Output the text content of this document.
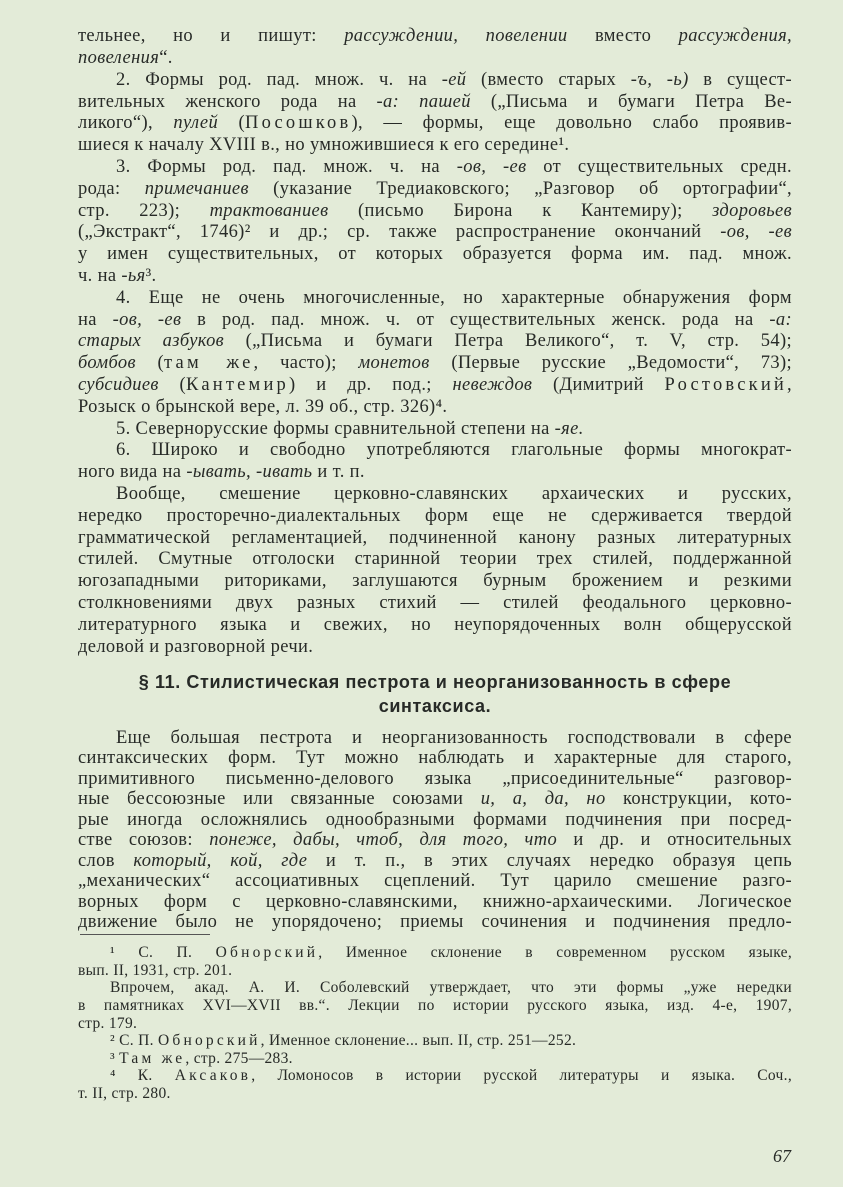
тельнее, но и пишут: рассуждении, повелении вместо рассуждения,
повеления“.
2. Формы род. пад. множ. ч. на -ей (вместо старых -ъ, -ь) в сущест-
вительных женского рода на -а: пашей („Письма и бумаги Петра Ве-
ликого“), пулей (Посошков), — формы, еще довольно слабо проявив-
шиеся к началу XVIII в., но умножившиеся к его середине¹.
3. Формы род. пад. множ. ч. на -ов, -ев от существительных средн.
рода: примечаниев (указание Тредиаковского; „Разговор об ортографии“,
стр. 223); трактованиев (письмо Бирона к Кантемиру); здоровьев
(„Экстракт“, 1746)² и др.; ср. также распространение окончаний -ов, -ев
у имен существительных, от которых образуется форма им. пад. множ.
ч. на -ья³.
4. Еще не очень многочисленные, но характерные обнаружения форм
на -ов, -ев в род. пад. множ. ч. от существительных женск. рода на -а:
старых азбуков („Письма и бумаги Петра Великого“, т. V, стр. 54);
бомбов (там же, часто); монетов (Первые русские „Ведомости“, 73);
субсидиев (Кантемир) и др. под.; невеждов (Димитрий Ростовский,
Розыск о брынской вере, л. 39 об., стр. 326)⁴.
5. Севернорусские формы сравнительной степени на -яе.
6. Широко и свободно употребляются глагольные формы многократ-
ного вида на -ывать, -ивать и т. п.
Вообще, смешение церковно-славянских архаических и русских,
нередко просторечно-диалектальных форм еще не сдерживается твердой
грамматической регламентацией, подчиненной канону разных литературных
стилей. Смутные отголоски старинной теории трех стилей, поддержанной
югозападными риториками, заглушаются бурным брожением и резкими
столкновениями двух разных стихий — стилей феодального церковно-
литературного языка и свежих, но неупорядоченных волн общерусской
деловой и разговорной речи.
§ 11. Стилистическая пестрота и неорганизованность в сфере
синтаксиса.
Еще большая пестрота и неорганизованность господствовали в сфере
синтаксических форм. Тут можно наблюдать и характерные для старого,
примитивного письменно-делового языка „присоединительные“ разговор-
ные бессоюзные или связанные союзами и, а, да, но конструкции, кото-
рые иногда осложнялись однообразными формами подчинения при посред-
стве союзов: понеже, дабы, чтоб, для того, что и др. и относительных
слов который, кой, где и т. п., в этих случаях нередко образуя цепь
„механических“ ассоциативных сцеплений. Тут царило смешение разго-
ворных форм с церковно-славянскими, книжно-архаическими. Логическое
движение было не упорядочено; приемы сочинения и подчинения предло-
¹ С. П. Обнорский, Именное склонение в современном русском языке,
вып. II, 1931, стр. 201.
Впрочем, акад. А. И. Соболевский утверждает, что эти формы „уже нередки
в памятниках XVI—XVII вв.“. Лекции по истории русского языка, изд. 4-е, 1907,
стр. 179.
² С. П. Обнорский, Именное склонение... вып. II, стр. 251—252.
³ Там же, стр. 275—283.
⁴ К. Аксаков, Ломоносов в истории русской литературы и языка. Соч.,
т. II, стр. 280.
67
